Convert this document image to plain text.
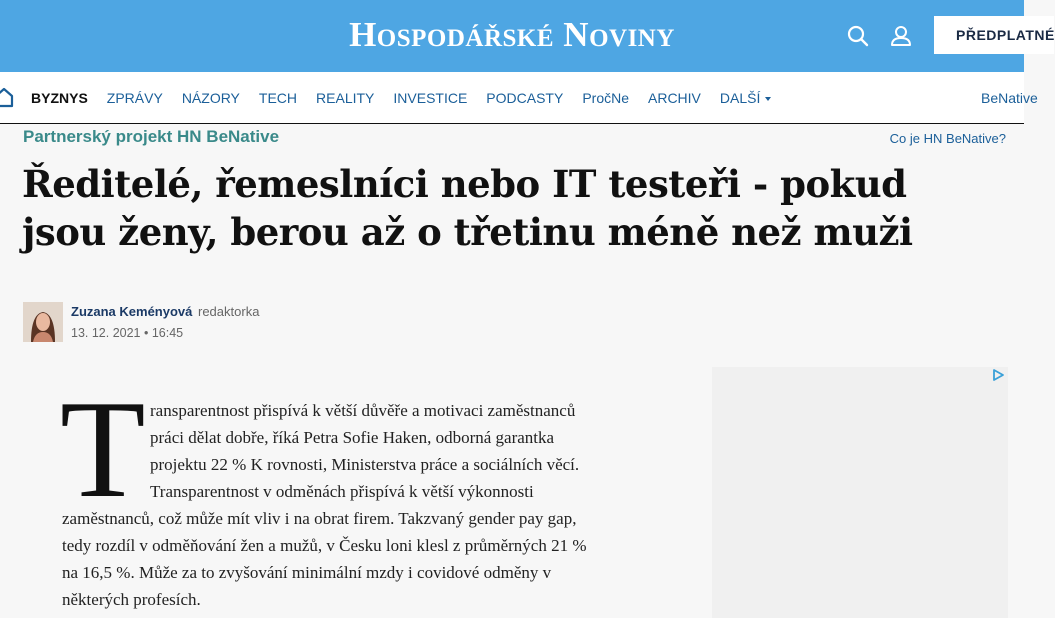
Hospodářské Noviny	PŘEDPLATNÉ
BYZNYS ZPRÁVY NÁZORY TECH REALITY INVESTICE PODCASTY PročNe ARCHIV DALŠÍ	BeNative
Partnerský projekt HN BeNative	Co je HN BeNative?
Ředitelé, řemeslníci nebo IT testeři - pokud
jsou ženy, berou až o třetinu méně než muži
Zuzana Keményová redaktorka
13. 12. 2021 • 16:45
T ransparentnost přispívá k větší důvěře a motivaci zaměstnanců
práci dělat dobře, říká Petra Sofie Haken, odborná garantka
projektu 22 % K rovnosti, Ministerstva práce a sociálních věcí.
Transparentnost v odměnách přispívá k větší výkonnosti
zaměstnanců, což může mít vliv i na obrat firem. Takzvaný gender pay gap,
tedy rozdíl v odměňování žen a mužů, v Česku loni klesl z průměrných 21 %
na 16,5 %. Může za to zvyšování minimální mzdy i covidové odměny v
některých profesích.
